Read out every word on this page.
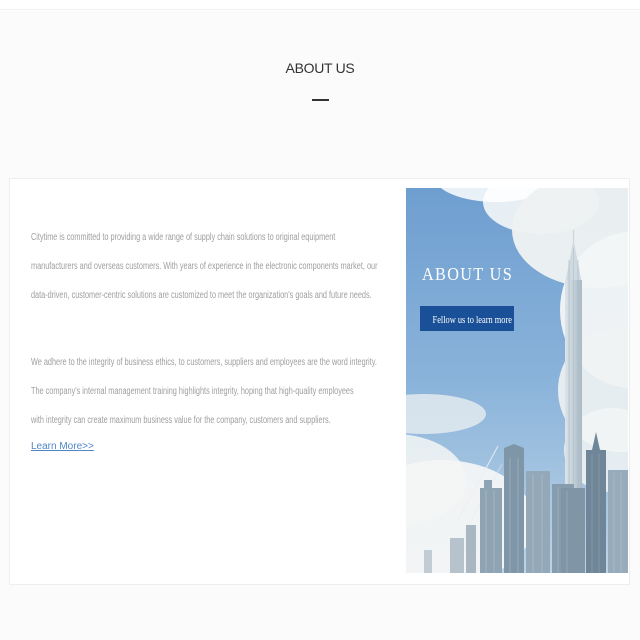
ABOUT US
Citytime is committed to providing a wide range of supply chain solutions to original equipment
manufacturers and overseas customers. With years of experience in the electronic components market, our
data-driven, customer-centric solutions are customized to meet the organization's goals and future needs.
We adhere to the integrity of business ethics, to customers, suppliers and employees are the word integrity.
The company's internal management training highlights integrity, hoping that high-quality employees
with integrity can create maximum business value for the company, customers and suppliers.
Learn More>>
ABOUT US
Fellow us to learn more
